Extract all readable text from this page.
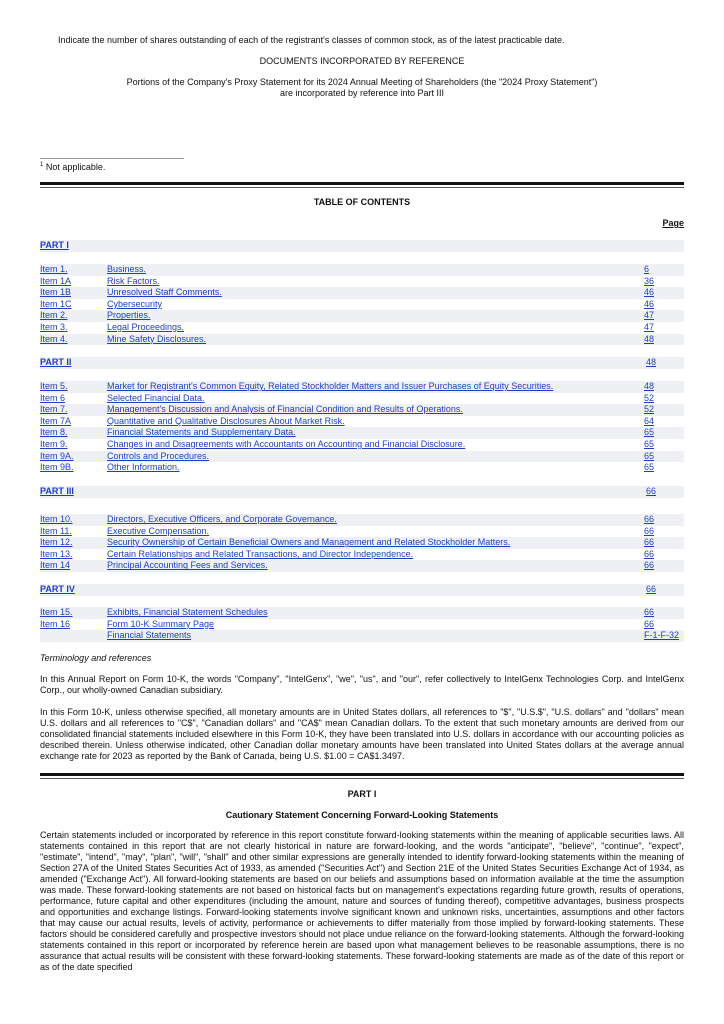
Indicate the number of shares outstanding of each of the registrant's classes of common stock, as of the latest practicable date.
DOCUMENTS INCORPORATED BY REFERENCE
Portions of the Company's Proxy Statement for its 2024 Annual Meeting of Shareholders (the "2024 Proxy Statement")
are incorporated by reference into Part III
$^1$ Not applicable.
TABLE OF CONTENTS
Page
PART I
Item 1.	Business.	6
Item 1A	Risk Factors.	36
Item 1B	Unresolved Staff Comments.	46
Item 1C	Cybersecurity	46
Item 2.	Properties.	47
Item 3.	Legal Proceedings.	47
Item 4.	Mine Safety Disclosures.	48
PART II	48
Item 5.	Market for Registrant's Common Equity, Related Stockholder Matters and Issuer Purchases of Equity Securities.	48
Item 6	Selected Financial Data.	52
Item 7.	Management's Discussion and Analysis of Financial Condition and Results of Operations.	52
Item 7A	Quantitative and Qualitative Disclosures About Market Risk.	64
Item 8.	Financial Statements and Supplementary Data.	65
Item 9.	Changes in and Disagreements with Accountants on Accounting and Financial Disclosure.	65
Item 9A.	Controls and Procedures.	65
Item 9B.	Other Information.	65
PART III	66
Item 10.	Directors, Executive Officers, and Corporate Governance.	66
Item 11.	Executive Compensation.	66
Item 12.	Security Ownership of Certain Beneficial Owners and Management and Related Stockholder Matters.	66
Item 13.	Certain Relationships and Related Transactions, and Director Independence.	66
Item 14	Principal Accounting Fees and Services.	66
PART IV	66
Item 15.	Exhibits, Financial Statement Schedules	66
Item 16	Form 10-K Summary Page	66
Financial Statements	F-1-F-32
Terminology and references
In this Annual Report on Form 10-K, the words "Company", "IntelGenx", "we", "us", and "our", refer collectively to IntelGenx Technologies Corp. and IntelGenx Corp., our wholly-owned Canadian subsidiary.
In this Form 10-K, unless otherwise specified, all monetary amounts are in United States dollars, all references to "$", "U.S.$", "U.S. dollars" and "dollars" mean U.S. dollars and all references to "C$", "Canadian dollars" and "CA$" mean Canadian dollars. To the extent that such monetary amounts are derived from our consolidated financial statements included elsewhere in this Form 10-K, they have been translated into U.S. dollars in accordance with our accounting policies as described therein. Unless otherwise indicated, other Canadian dollar monetary amounts have been translated into United States dollars at the average annual exchange rate for 2023 as reported by the Bank of Canada, being U.S. $1.00 = CA$1.3497.
PART I
Cautionary Statement Concerning Forward-Looking Statements
Certain statements included or incorporated by reference in this report constitute forward-looking statements within the meaning of applicable securities laws. All statements contained in this report that are not clearly historical in nature are forward-looking, and the words "anticipate", "believe", "continue", "expect", "estimate", "intend", "may", "plan", "will", "shall" and other similar expressions are generally intended to identify forward-looking statements within the meaning of Section 27A of the United States Securities Act of 1933, as amended ("Securities Act") and Section 21E of the United States Securities Exchange Act of 1934, as amended ("Exchange Act"). All forward-looking statements are based on our beliefs and assumptions based on information available at the time the assumption was made. These forward-looking statements are not based on historical facts but on management's expectations regarding future growth, results of operations, performance, future capital and other expenditures (including the amount, nature and sources of funding thereof), competitive advantages, business prospects and opportunities and exchange listings. Forward-looking statements involve significant known and unknown risks, uncertainties, assumptions and other factors that may cause our actual results, levels of activity, performance or achievements to differ materially from those implied by forward-looking statements. These factors should be considered carefully and prospective investors should not place undue reliance on the forward-looking statements. Although the forward-looking statements contained in this report or incorporated by reference herein are based upon what management believes to be reasonable assumptions, there is no assurance that actual results will be consistent with these forward-looking statements. These forward-looking statements are made as of the date of this report or as of the date specified
